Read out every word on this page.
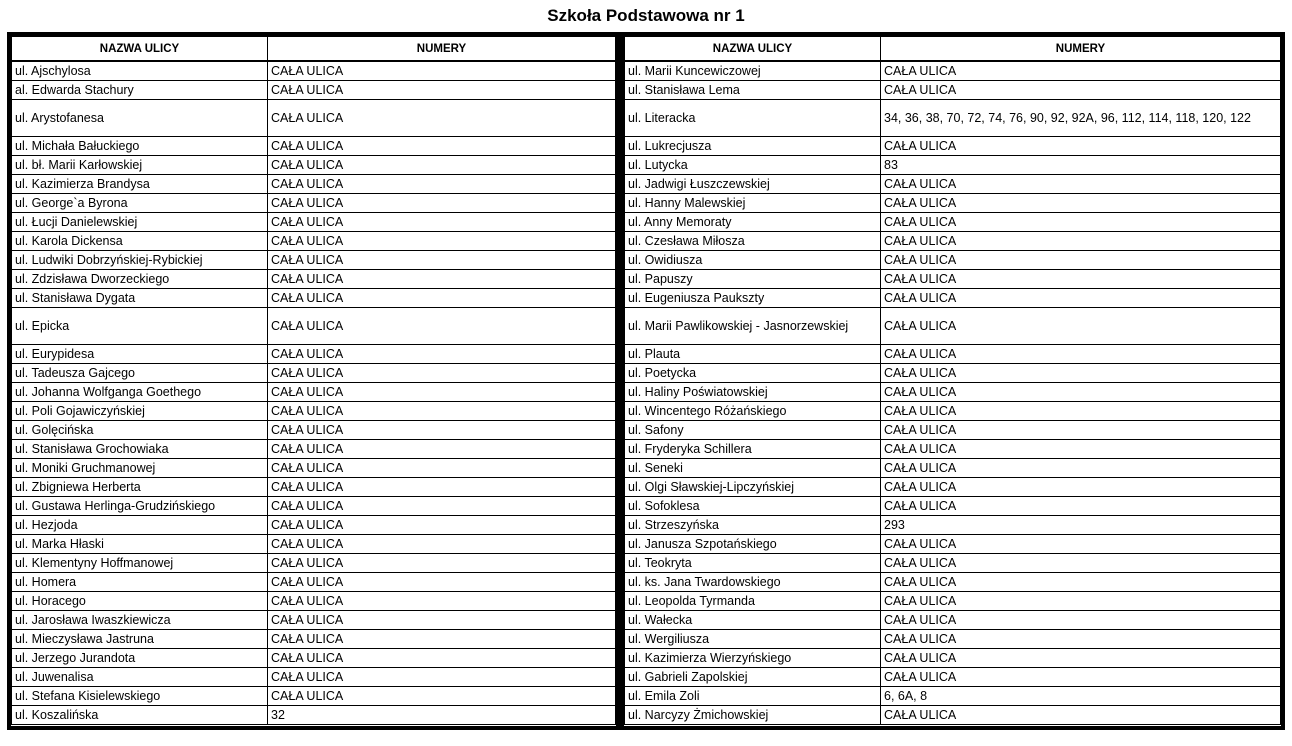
Szkoła Podstawowa nr 1
NAZWA ULICY	NUMERY
ul. Ajschylosa	CAŁA ULICA
al. Edwarda Stachury	CAŁA ULICA
ul. Arystofanesa	CAŁA ULICA
ul. Michała Bałuckiego	CAŁA ULICA
ul. bł. Marii Karłowskiej	CAŁA ULICA
ul. Kazimierza Brandysa	CAŁA ULICA
ul. George`a Byrona	CAŁA ULICA
ul. Łucji Danielewskiej	CAŁA ULICA
ul. Karola Dickensa	CAŁA ULICA
ul. Ludwiki Dobrzyńskiej-Rybickiej	CAŁA ULICA
ul. Zdzisława Dworzeckiego	CAŁA ULICA
ul. Stanisława Dygata	CAŁA ULICA
ul. Epicka	CAŁA ULICA
ul. Eurypidesa	CAŁA ULICA
ul. Tadeusza Gajcego	CAŁA ULICA
ul. Johanna Wolfganga Goethego	CAŁA ULICA
ul. Poli Gojawiczyńskiej	CAŁA ULICA
ul. Golęcińska	CAŁA ULICA
ul. Stanisława Grochowiaka	CAŁA ULICA
ul. Moniki Gruchmanowej	CAŁA ULICA
ul. Zbigniewa Herberta	CAŁA ULICA
ul. Gustawa Herlinga-Grudzińskiego	CAŁA ULICA
ul. Hezjoda	CAŁA ULICA
ul. Marka Hłaski	CAŁA ULICA
ul. Klementyny Hoffmanowej	CAŁA ULICA
ul. Homera	CAŁA ULICA
ul. Horacego	CAŁA ULICA
ul. Jarosława Iwaszkiewicza	CAŁA ULICA
ul. Mieczysława Jastruna	CAŁA ULICA
ul. Jerzego Jurandota	CAŁA ULICA
ul. Juwenalisa	CAŁA ULICA
ul. Stefana Kisielewskiego	CAŁA ULICA
ul. Koszalińska	32
NAZWA ULICY	NUMERY
ul. Marii Kuncewiczowej	CAŁA ULICA
ul. Stanisława Lema	CAŁA ULICA
ul. Literacka	34, 36, 38, 70, 72, 74, 76, 90, 92, 92A, 96, 112, 114, 118, 120, 122
ul. Lukrecjusza	CAŁA ULICA
ul. Lutycka	83
ul. Jadwigi Łuszczewskiej	CAŁA ULICA
ul. Hanny Malewskiej	CAŁA ULICA
ul. Anny Memoraty	CAŁA ULICA
ul. Czesława Miłosza	CAŁA ULICA
ul. Owidiusza	CAŁA ULICA
ul. Papuszy	CAŁA ULICA
ul. Eugeniusza Paukszty	CAŁA ULICA
ul. Marii Pawlikowskiej - Jasnorzewskiej	CAŁA ULICA
ul. Plauta	CAŁA ULICA
ul. Poetycka	CAŁA ULICA
ul. Haliny Poświatowskiej	CAŁA ULICA
ul. Wincentego Różańskiego	CAŁA ULICA
ul. Safony	CAŁA ULICA
ul. Fryderyka Schillera	CAŁA ULICA
ul. Seneki	CAŁA ULICA
ul. Olgi Sławskiej-Lipczyńskiej	CAŁA ULICA
ul. Sofoklesa	CAŁA ULICA
ul. Strzeszyńska	293
ul. Janusza Szpotańskiego	CAŁA ULICA
ul. Teokryta	CAŁA ULICA
ul. ks. Jana Twardowskiego	CAŁA ULICA
ul. Leopolda Tyrmanda	CAŁA ULICA
ul. Wałecka	CAŁA ULICA
ul. Wergiliusza	CAŁA ULICA
ul. Kazimierza Wierzyńskiego	CAŁA ULICA
ul. Gabrieli Zapolskiej	CAŁA ULICA
ul. Emila Zoli	6, 6A, 8
ul. Narcyzy Żmichowskiej	CAŁA ULICA
